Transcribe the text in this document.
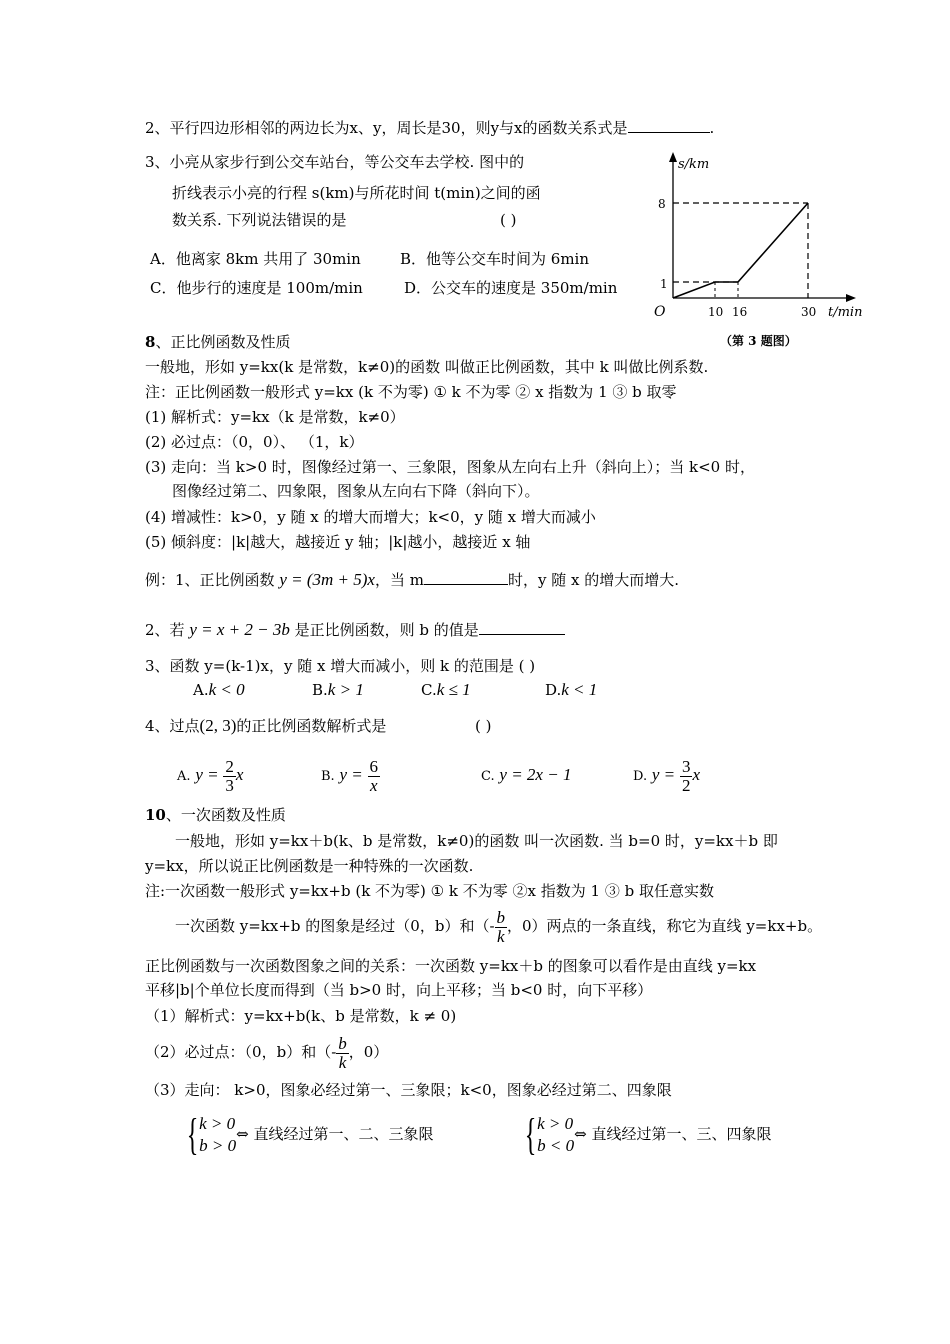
2、平行四边形相邻的两边长为x、y，周长是30，则y与x的函数关系式是	.
3、小亮从家步行到公交车站台，等公交车去学校. 图中的
折线表示小亮的行程 s(km)与所花时间 t(min)之间的函
数关系. 下列说法错误的是	( )
A．他离家 8km 共用了 30min	B．他等公交车时间为 6min
C．他步行的速度是 100m/min	D．公交车的速度是 350m/min
s/km
t/min
O
8
1
10 16	30
（第 3 题图）
8、正比例函数及性质
一般地，形如 y=kx(k 是常数，k≠0)的函数 叫做正比例函数，其中 k 叫做比例系数.
注：正比例函数一般形式 y=kx (k 不为零) ① k 不为零 ② x 指数为 1 ③ b 取零
(1) 解析式：y=kx（k 是常数，k≠0）
(2) 必过点：（0，0）、 （1，k）
(3) 走向：当 k>0 时，图像经过第一、三象限，图象从左向右上升（斜向上）；当 k<0 时，
图像经过第二、四象限，图象从左向右下降（斜向下）。
(4) 增减性：k>0，y 随 x 的增大而增大；k<0，y 随 x 增大而减小
(5) 倾斜度：|k|越大，越接近 y 轴；|k|越小，越接近 x 轴
例：1、正比例函数 y = (3m + 5)x，当 m	时，y 随 x 的增大而增大.
2、若 y = x + 2 − 3b 是正比例函数，则 b 的值是
3、函数 y=(k-1)x，y 随 x 增大而减小，则 k 的范围是 ( )
A.k < 0	B.k > 1	C.k ≤ 1	D.k < 1
4、过点(2, 3)的正比例函数解析式是	( )
A. $y = \frac{2}{3}$ x	B. $y = \frac{6}{x}$	C. y = 2x − 1	D. $y = \frac{3}{2}$ x
10、一次函数及性质
一般地，形如 y=kx＋b(k、b 是常数，k≠0)的函数 叫一次函数. 当 b=0 时，y=kx＋b 即
y=kx，所以说正比例函数是一种特殊的一次函数.
注:一次函数一般形式 y=kx+b (k 不为零) ① k 不为零 ②x 指数为 1 ③ b 取任意实数
一次函数 y=kx+b 的图象是经过（0，b）和（- $\frac{b}{k}$ ，0）两点的一条直线，称它为直线 y=kx+b。
正比例函数与一次函数图象之间的关系：一次函数 y=kx＋b 的图象可以看作是由直线 y=kx
平移|b|个单位长度而得到（当 b>0 时，向上平移；当 b<0 时，向下平移）
（1）解析式：y=kx+b(k、b 是常数，k ≠ 0)
（2）必过点：（0，b）和（- $\frac{b}{k}$ ，0）
（3）走向： k>0，图象必经过第一、三象限；k<0，图象必经过第二、四象限
{ k > 0
b > 0
⇔ 直线经过第一、二、三象限 { k > 0
b < 0
⇔ 直线经过第一、三、四象限
